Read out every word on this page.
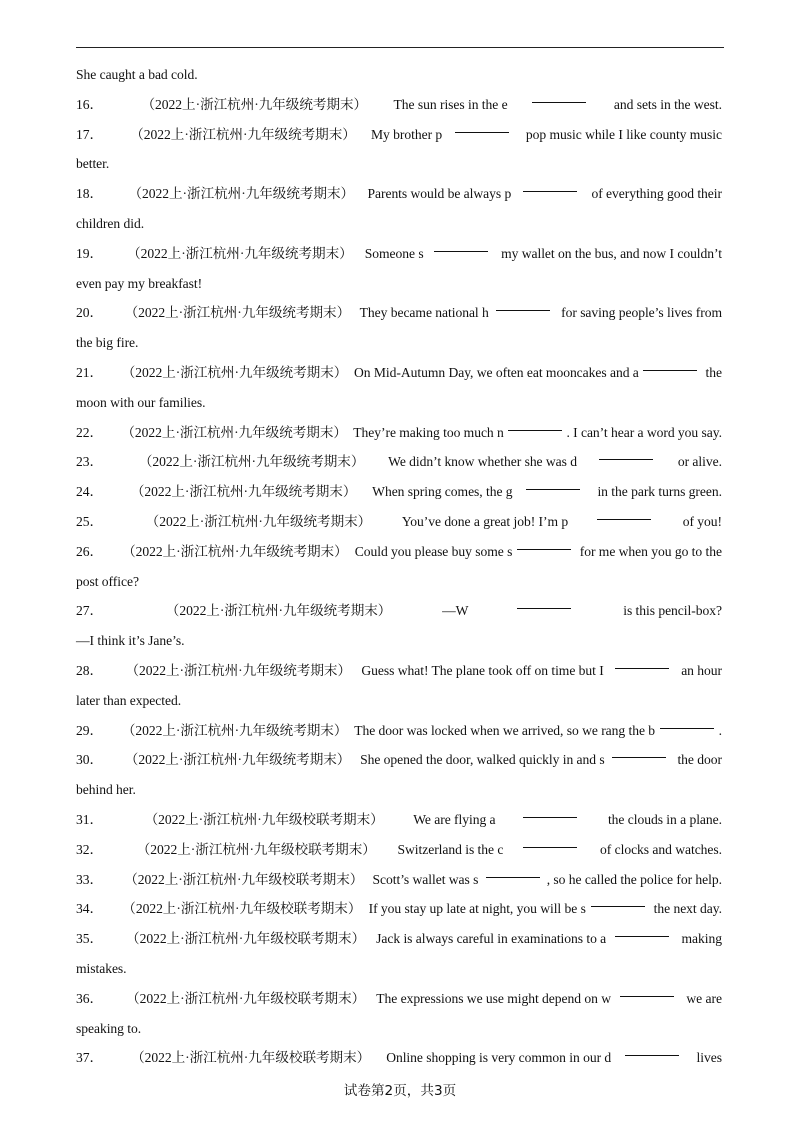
She caught a bad cold.
16．	（2022上·浙江杭州·九年级统考期末） The sun rises in the e	and sets in the west.
17． （2022上·浙江杭州·九年级统考期末） My brother p	pop music while I like county music
better.
18． （2022上·浙江杭州·九年级统考期末） Parents would be always p	of everything good their
children did.
19． （2022上·浙江杭州·九年级统考期末） Someone s	my wallet on the bus, and now I couldn’t
even pay my breakfast!
20． （2022上·浙江杭州·九年级统考期末） They became national h	for saving people’s lives from
the big fire.
21． （2022上·浙江杭州·九年级统考期末） On Mid-Autumn Day, we often eat mooncakes and a	the
moon with our families.
22． （2022上·浙江杭州·九年级统考期末） They’re making too much n	. I can’t hear a word you say.
23．	（2022上·浙江杭州·九年级统考期末） We didn’t know whether she was d	or alive.
24． （2022上·浙江杭州·九年级统考期末） When spring comes, the g	in the park turns green.
25．	（2022上·浙江杭州·九年级统考期末） You’ve done a great job! I’m p	of you!
26． （2022上·浙江杭州·九年级统考期末） Could you please buy some s	for me when you go to the
post office?
27．	（2022上·浙江杭州·九年级统考期末）	—W	is this pencil-box?
—I think it’s Jane’s.
28． （2022上·浙江杭州·九年级统考期末） Guess what! The plane took off on time but I	an hour
later than expected.
29． （2022上·浙江杭州·九年级统考期末） The door was locked when we arrived, so we rang the b	.
30． （2022上·浙江杭州·九年级统考期末） She opened the door, walked quickly in and s	the door
behind her.
31．	（2022上·浙江杭州·九年级校联考期末） We are flying a	the clouds in a plane.
32． （2022上·浙江杭州·九年级校联考期末） Switzerland is the c	of clocks and watches.
33． （2022上·浙江杭州·九年级校联考期末） Scott’s wallet was s	, so he called the police for help.
34． （2022上·浙江杭州·九年级校联考期末） If you stay up late at night, you will be s	the next day.
35． （2022上·浙江杭州·九年级校联考期末） Jack is always careful in examinations to a	making
mistakes.
36． （2022上·浙江杭州·九年级校联考期末） The expressions we use might depend on w	we are
speaking to.
37． （2022上·浙江杭州·九年级校联考期末） Online shopping is very common in our d	lives
试卷第2页，共3页
